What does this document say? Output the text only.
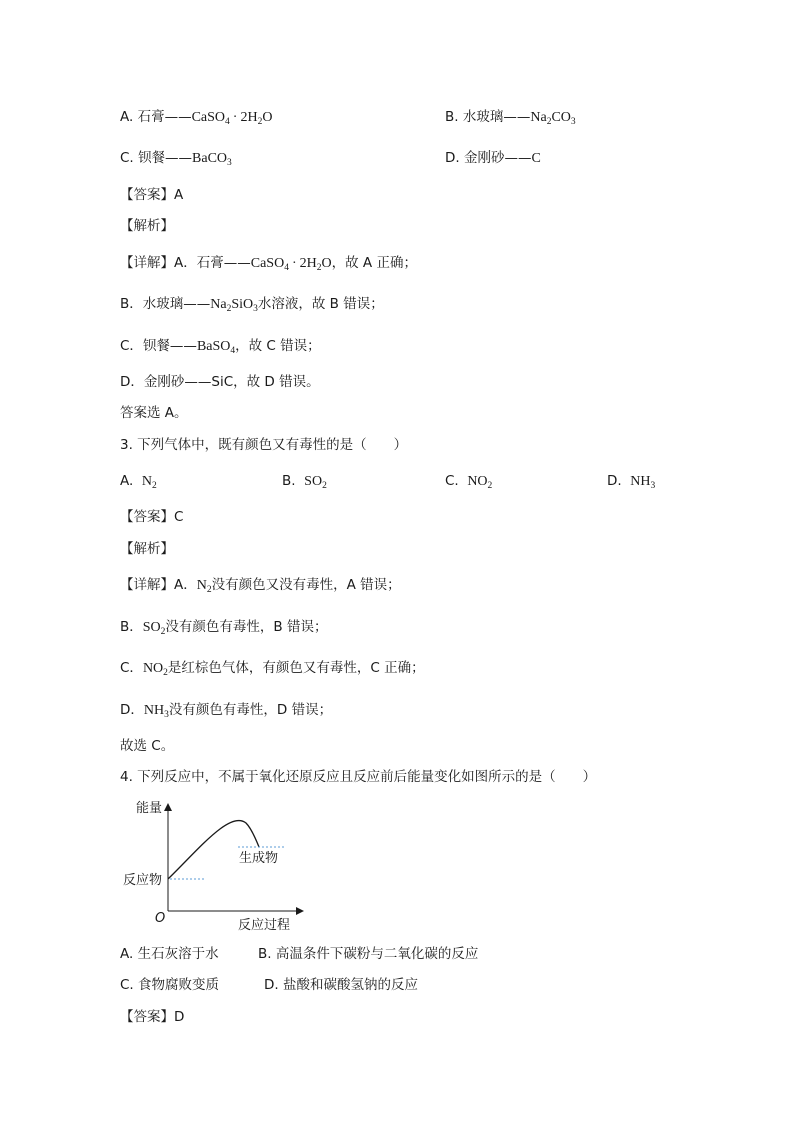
A. 石膏——CaSO$_4$ · $2H_2O$	B. 水玻璃$——Na_2CO_3$
C. 钡餐——BaCO$_3$	D. 金刚砂——C
【答案】A
【解析】
【详解】A．石膏——CaSO$_4$ · $2H_2O$，故 A 正确；
B．水玻璃$——Na_2SiO_3$水溶液，故 B 错误；
C．钡餐——BaSO$_4$，故 C 错误；
D．金刚砂——SiC，故 D 错误。
答案选 A。
3. 下列气体中，既有颜色又有毒性的是（　　）
A. $N_2$	B. $SO_2$	C. $NO_2$	D. $NH_3$
【答案】C
【解析】
【详解】A．$N_2$没有颜色又没有毒性，A 错误；
B．$SO_2$没有颜色有毒性，B 错误；
C．$NO_2$是红棕色气体，有颜色又有毒性，C 正确；
D．$NH_3$没有颜色有毒性，D 错误；
故选 C。
4. 下列反应中，不属于氧化还原反应且反应前后能量变化如图所示的是（　　）
能量
反应物
生成物
O	反应过程
A. 生石灰溶于水	B. 高温条件下碳粉与二氧化碳的反应
C. 食物腐败变质	D. 盐酸和碳酸氢钠的反应
【答案】D
